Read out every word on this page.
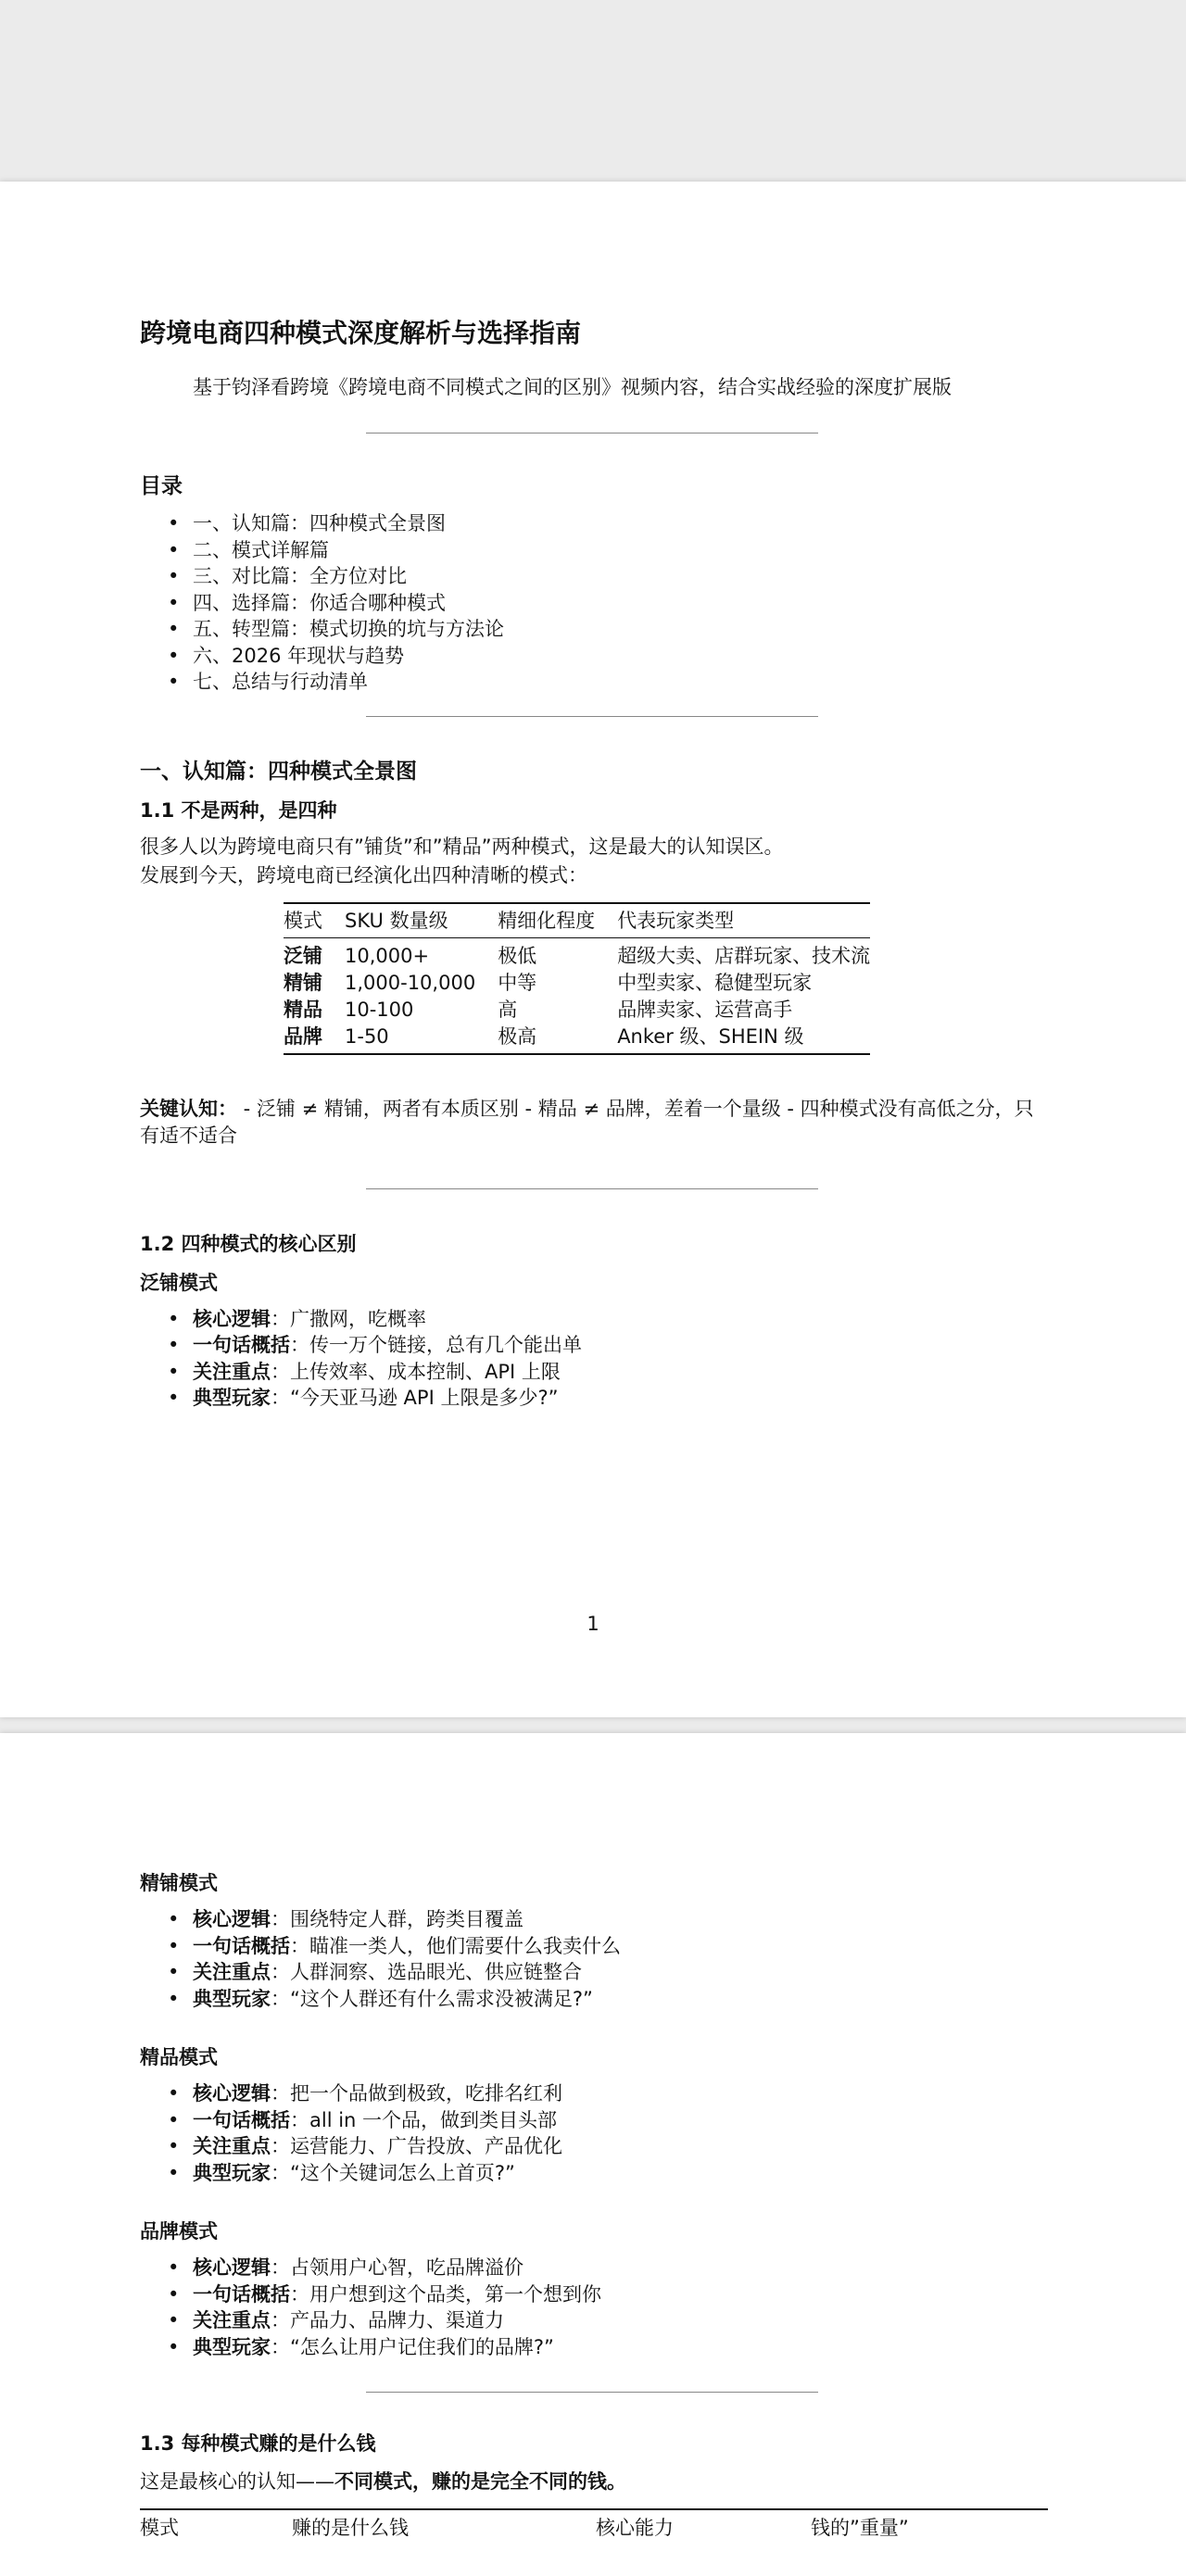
跨境电商四种模式深度解析与选择指南

基于钧泽看跨境《跨境电商不同模式之间的区别》视频内容，结合实战经验的深度扩展版

目录
• 一、认知篇：四种模式全景图
• 二、模式详解篇
• 三、对比篇：全方位对比
• 四、选择篇：你适合哪种模式
• 五、转型篇：模式切换的坑与方法论
• 六、2026 年现状与趋势
• 七、总结与行动清单
一、认知篇：四种模式全景图
1.1 不是两种，是四种

很多人以为跨境电商只有”铺货”和”精品”两种模式，这是最大的认知误区。

发展到今天，跨境电商已经演化出四种清晰的模式：

模式	SKU 数量级	精细化程度	代表玩家类型
泛铺	10,000+	极低	超级大卖、店群玩家、技术流
精铺	1,000-10,000	中等	中型卖家、稳健型玩家
精品	10-100	高	品牌卖家、运营高手
品牌	1-50	极高	Anker 级、SHEIN 级

关键认知： - 泛铺 ≠ 精铺，两者有本质区别 - 精品 ≠ 品牌，差着一个量级 - 四种模式没有高低之分，只有适不适合

1.2 四种模式的核心区别
泛铺模式
• 核心逻辑：广撒网，吃概率
• 一句话概括：传一万个链接，总有几个能出单
• 关注重点：上传效率、成本控制、API 上限
• 典型玩家：“今天亚马逊 API 上限是多少?”
1
精铺模式
• 核心逻辑：围绕特定人群，跨类目覆盖
• 一句话概括：瞄准一类人，他们需要什么我卖什么
• 关注重点：人群洞察、选品眼光、供应链整合
• 典型玩家：“这个人群还有什么需求没被满足?”
精品模式
• 核心逻辑：把一个品做到极致，吃排名红利
• 一句话概括：all in 一个品，做到类目头部
• 关注重点：运营能力、广告投放、产品优化
• 典型玩家：“这个关键词怎么上首页?”
品牌模式
• 核心逻辑：占领用户心智，吃品牌溢价
• 一句话概括：用户想到这个品类，第一个想到你
• 关注重点：产品力、品牌力、渠道力
• 典型玩家：“怎么让用户记住我们的品牌?”
1.3 每种模式赚的是什么钱

这是最核心的认知——不同模式，赚的是完全不同的钱。

模式	赚的是什么钱	核心能力	钱的”重量”
